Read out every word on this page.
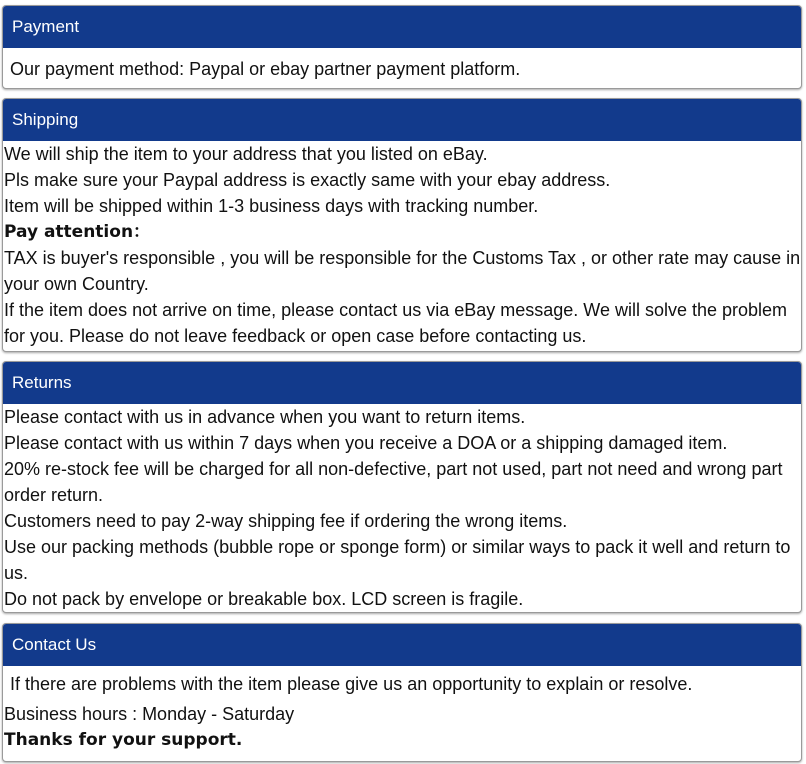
Payment
Our payment method: Paypal or ebay partner payment platform.
Shipping
We will ship the item to your address that you listed on eBay.
Pls make sure your Paypal address is exactly same with your ebay address.
Item will be shipped within 1-3 business days with tracking number.
Pay attention：
TAX is buyer's responsible , you will be responsible for the Customs Tax , or other rate may cause in your own Country.
If the item does not arrive on time, please contact us via eBay message. We will solve the problem for you. Please do not leave feedback or open case before contacting us.
Returns
Please contact with us in advance when you want to return items.
Please contact with us within 7 days when you receive a DOA or a shipping damaged item.
20% re-stock fee will be charged for all non-defective, part not used, part not need and wrong part order return.
Customers need to pay 2-way shipping fee if ordering the wrong items.
Use our packing methods (bubble rope or sponge form) or similar ways to pack it well and return to us.
Do not pack by envelope or breakable box. LCD screen is fragile.
Contact Us
If there are problems with the item please give us an opportunity to explain or resolve.
Business hours : Monday - Saturday
Thanks for your support.
